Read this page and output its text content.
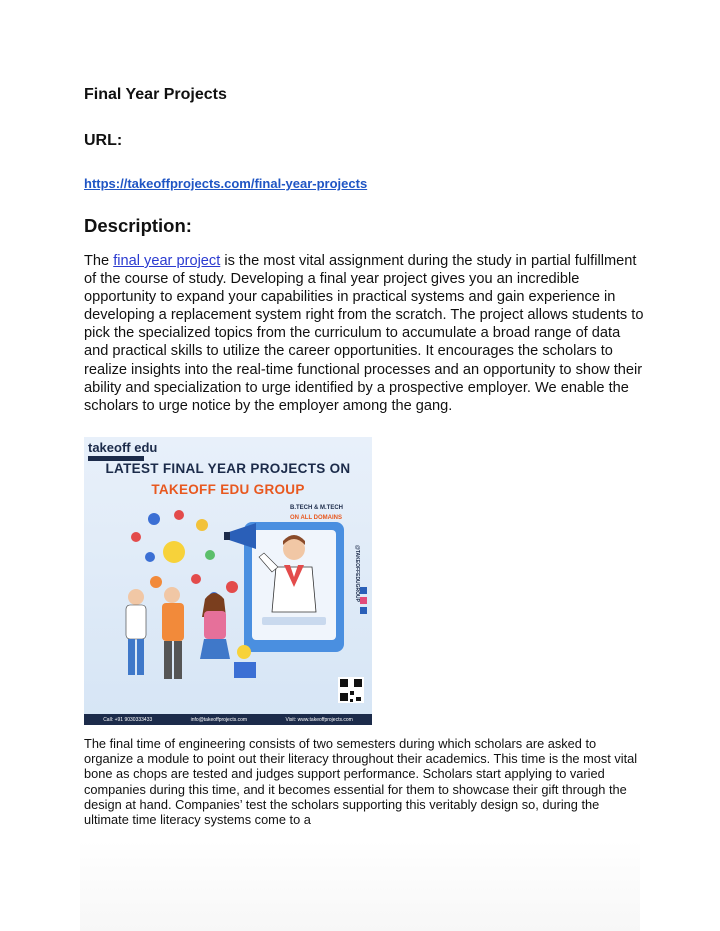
Final Year Projects
URL:
https://takeoffprojects.com/final-year-projects
Description:

The final year project is the most vital assignment during the study in partial fulfillment of the course of study. Developing a final year project gives you an incredible opportunity to expand your capabilities in practical systems and gain experience in developing a replacement system right from the scratch. The project allows students to pick the specialized topics from the curriculum to accumulate a broad range of data and practical skills to utilize the career opportunities. It encourages the scholars to realize insights into the real-time functional processes and an opportunity to show their ability and specialization to urge identified by a prospective employer. We enable the scholars to urge notice by the employer among the gang.

takeoff edu
LATEST FINAL YEAR PROJECTS ON
TAKEOFF EDU GROUP
B.TECH & M.TECH
ON ALL DOMAINS
@TAKEOFFEDUGROUP
Call: +91 9030333433	info@takeoffprojects.com	Visit: www.takeoffprojects.com

The final time of engineering consists of two semesters during which scholars are asked to organize a module to point out their literacy throughout their academics. This time is the most vital bone as chops are tested and judges support performance. Scholars start applying to varied companies during this time, and it becomes essential for them to showcase their gift through the design at hand. Companies’ test the scholars supporting this veritably design so, during the ultimate time literacy systems come to a
